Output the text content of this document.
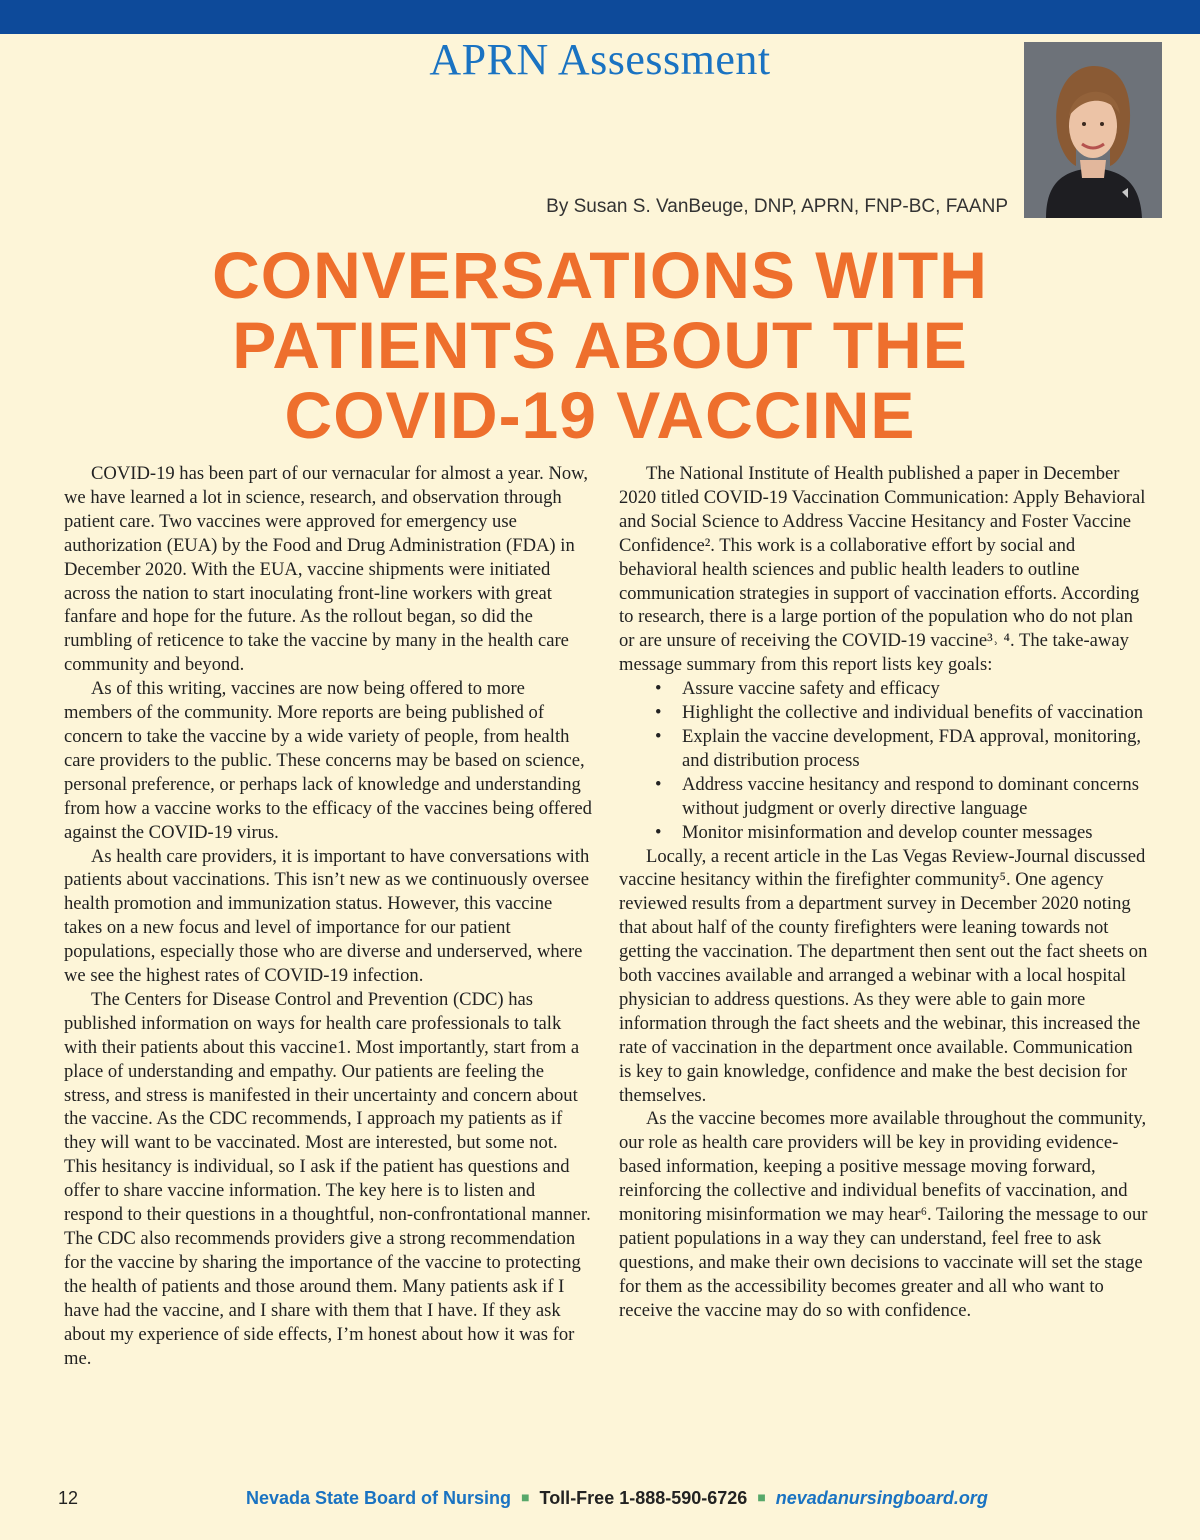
APRN Assessment
By Susan S. VanBeuge, DNP, APRN, FNP-BC, FAANP
CONVERSATIONS WITH
PATIENTS ABOUT THE
COVID-19 VACCINE

COVID-19 has been part of our vernacular for almost a year. Now, we have learned a lot in science, research, and observation through patient care. Two vaccines were approved for emergency use authorization (EUA) by the Food and Drug Administration (FDA) in December 2020. With the EUA, vaccine shipments were initiated across the nation to start inoculating front-line workers with great fanfare and hope for the future. As the rollout began, so did the rumbling of reticence to take the vaccine by many in the health care community and beyond.

As of this writing, vaccines are now being offered to more members of the community. More reports are being published of concern to take the vaccine by a wide variety of people, from health care providers to the public. These concerns may be based on science, personal preference, or perhaps lack of knowledge and understanding from how a vaccine works to the efficacy of the vaccines being offered against the COVID-19 virus.

As health care providers, it is important to have conversations with patients about vaccinations. This isn’t new as we continuously oversee health promotion and immunization status. However, this vaccine takes on a new focus and level of importance for our patient populations, especially those who are diverse and underserved, where we see the highest rates of COVID-19 infection.

The Centers for Disease Control and Prevention (CDC) has published information on ways for health care professionals to talk with their patients about this vaccine1. Most importantly, start from a place of understanding and empathy. Our patients are feeling the stress, and stress is manifested in their uncertainty and concern about the vaccine. As the CDC recommends, I approach my patients as if they will want to be vaccinated. Most are interested, but some not. This hesitancy is individual, so I ask if the patient has questions and offer to share vaccine information. The key here is to listen and respond to their questions in a thoughtful, non-confrontational manner. The CDC also recommends providers give a strong recommendation for the vaccine by sharing the importance of the vaccine to protecting the health of patients and those around them. Many patients ask if I have had the vaccine, and I share with them that I have. If they ask about my experience of side effects, I’m honest about how it was for me.

The National Institute of Health published a paper in December 2020 titled COVID-19 Vaccination Communication: Apply Behavioral and Social Science to Address Vaccine Hesitancy and Foster Vaccine Confidence². This work is a collaborative effort by social and behavioral health sciences and public health leaders to outline communication strategies in support of vaccination efforts. According to research, there is a large portion of the population who do not plan or are unsure of receiving the COVID-19 vaccine³˒ ⁴. The take-away message summary from this report lists key goals:

• Assure vaccine safety and efficacy
• Highlight the collective and individual benefits of vaccination
• Explain the vaccine development, FDA approval, monitoring, and distribution process
• Address vaccine hesitancy and respond to dominant concerns without judgment or overly directive language
• Monitor misinformation and develop counter messages

Locally, a recent article in the Las Vegas Review-Journal discussed vaccine hesitancy within the firefighter community⁵. One agency reviewed results from a department survey in December 2020 noting that about half of the county firefighters were leaning towards not getting the vaccination. The department then sent out the fact sheets on both vaccines available and arranged a webinar with a local hospital physician to address questions. As they were able to gain more information through the fact sheets and the webinar, this increased the rate of vaccination in the department once available. Communication is key to gain knowledge, confidence and make the best decision for themselves.

As the vaccine becomes more available throughout the community, our role as health care providers will be key in providing evidence-based information, keeping a positive message moving forward, reinforcing the collective and individual benefits of vaccination, and monitoring misinformation we may hear⁶. Tailoring the message to our patient populations in a way they can understand, feel free to ask questions, and make their own decisions to vaccinate will set the stage for them as the accessibility becomes greater and all who want to receive the vaccine may do so with confidence.

12	Nevada State Board of Nursing ■ Toll-Free 1-888-590-6726 ■ nevadanursingboard.org
